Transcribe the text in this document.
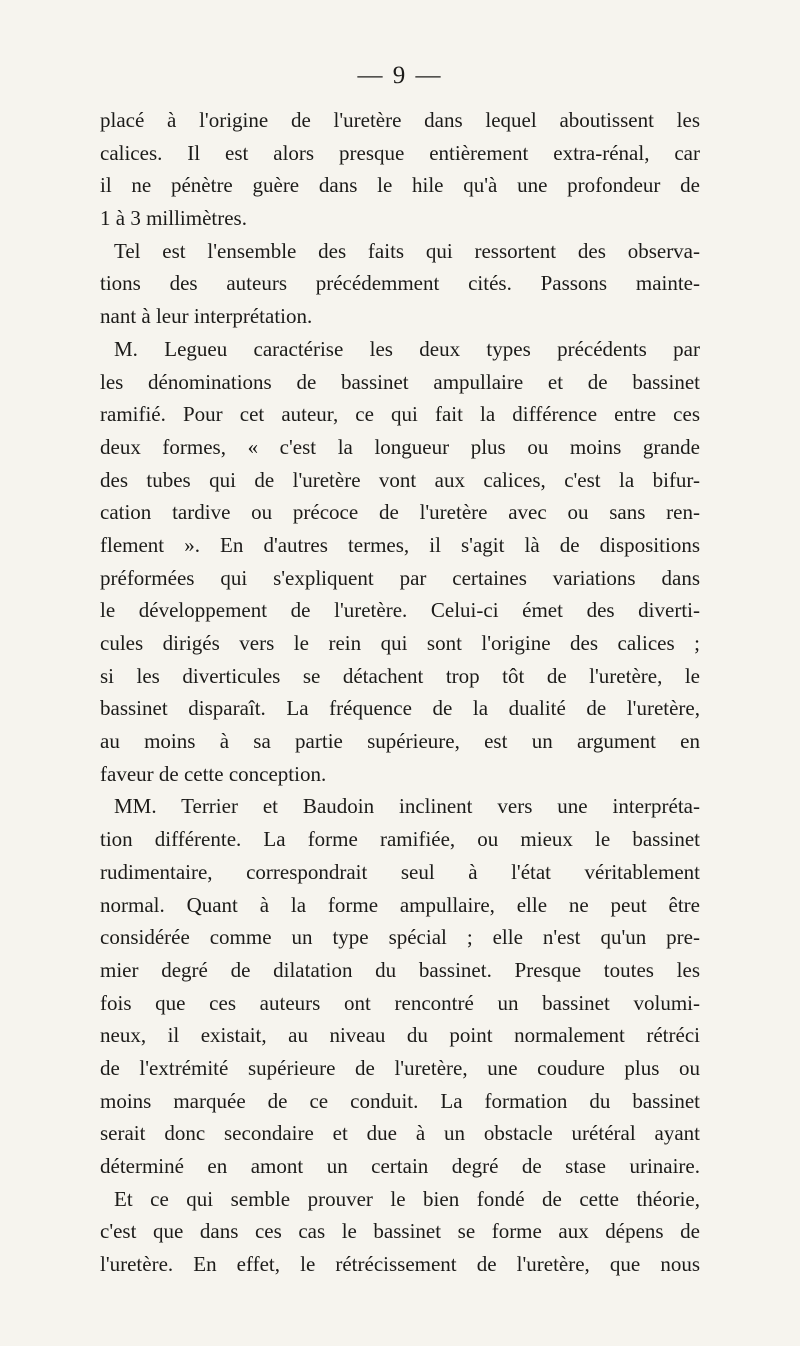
— 9 —
placé à l'origine de l'uretère dans lequel aboutissent les
calices. Il est alors presque entièrement extra-rénal, car
il ne pénètre guère dans le hile qu'à une profondeur de
1 à 3 millimètres.
Tel est l'ensemble des faits qui ressortent des observa-
tions des auteurs précédemment cités. Passons mainte-
nant à leur interprétation.
M. Legueu caractérise les deux types précédents par
les dénominations de bassinet ampullaire et de bassinet
ramifié. Pour cet auteur, ce qui fait la différence entre ces
deux formes, « c'est la longueur plus ou moins grande
des tubes qui de l'uretère vont aux calices, c'est la bifur-
cation tardive ou précoce de l'uretère avec ou sans ren-
flement ». En d'autres termes, il s'agit là de dispositions
préformées qui s'expliquent par certaines variations dans
le développement de l'uretère. Celui-ci émet des diverti-
cules dirigés vers le rein qui sont l'origine des calices ;
si les diverticules se détachent trop tôt de l'uretère, le
bassinet disparaît. La fréquence de la dualité de l'uretère,
au moins à sa partie supérieure, est un argument en
faveur de cette conception.
MM. Terrier et Baudoin inclinent vers une interpréta-
tion différente. La forme ramifiée, ou mieux le bassinet
rudimentaire, correspondrait seul à l'état véritablement
normal. Quant à la forme ampullaire, elle ne peut être
considérée comme un type spécial ; elle n'est qu'un pre-
mier degré de dilatation du bassinet. Presque toutes les
fois que ces auteurs ont rencontré un bassinet volumi-
neux, il existait, au niveau du point normalement rétréci
de l'extrémité supérieure de l'uretère, une coudure plus ou
moins marquée de ce conduit. La formation du bassinet
serait donc secondaire et due à un obstacle urétéral ayant
déterminé en amont un certain degré de stase urinaire.
Et ce qui semble prouver le bien fondé de cette théorie,
c'est que dans ces cas le bassinet se forme aux dépens de
l'uretère. En effet, le rétrécissement de l'uretère, que nous
